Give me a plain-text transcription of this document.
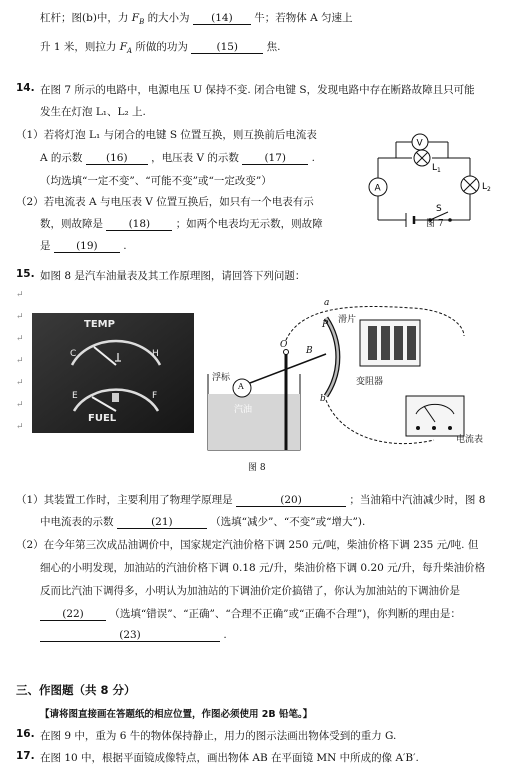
杠杆；图(b)中，力 $F_B$ 的大小为 (14) 牛；若物体 A 匀速上
升 1 米，则拉力 $F_A$ 所做的功为	(15)	焦.
14. 在图 7 所示的电路中，电源电压 U 保持不变. 闭合电键 S，发现电路中存在断路故障且只可能
发生在灯泡 L₁、L₂ 上.
（1）若将灯泡 L₁ 与闭合的电键 S 位置互换，则互换前后电流表
A 的示数 (16) ，电压表 V 的示数 (17) .
（均选填“一定不变”、“可能不变”或“一定改变”）
（2）若电流表 A 与电压表 V 位置互换后，如只有一个电表有示
数，则故障是 (18) ；如两个电表均无示数，则故障
是 (19) .
V
$L_1$
A	$L_2$
S
图 7
15. 如图 8 是汽车油量表及其工作原理图，请回答下列问题：
↵
↵
↵
↵
↵
↵
↵
TEMP
C	H
E	F
FUEL
a
滑片
P
O
B
浮标
A
汽油
变阻器
b
电流表
图 8
（1）其装置工作时，主要利用了物理学原理是	(20)	；当油箱中汽油减少时，图 8
中电流表的示数	(21)	（选填“减少”、“不变”或“增大”).
（2）在今年第三次成品油调价中，国家规定汽油价格下调 250 元/吨，柴油价格下调 235 元/吨. 但
细心的小明发现，加油站的汽油价格下调 0.18 元/升，柴油价格下调 0.20 元/升，每升柴油价格
反而比汽油下调得多，小明认为加油站的下调油价定价搞错了，你认为加油站的下调油价是
(22) （选填“错误”、“正确”、“合理不正确”或“正确不合理”)，你判断的理由是：
(23)	.
三、作图题（共 8 分）
【请将图直接画在答题纸的相应位置，作图必须使用 2B 铅笔。】
16. 在图 9 中，重为 6 牛的物体保持静止，用力的图示法画出物体受到的重力 G.
17. 在图 10 中，根据平面镜成像特点，画出物体 AB 在平面镜 MN 中所成的像 A′B′.
